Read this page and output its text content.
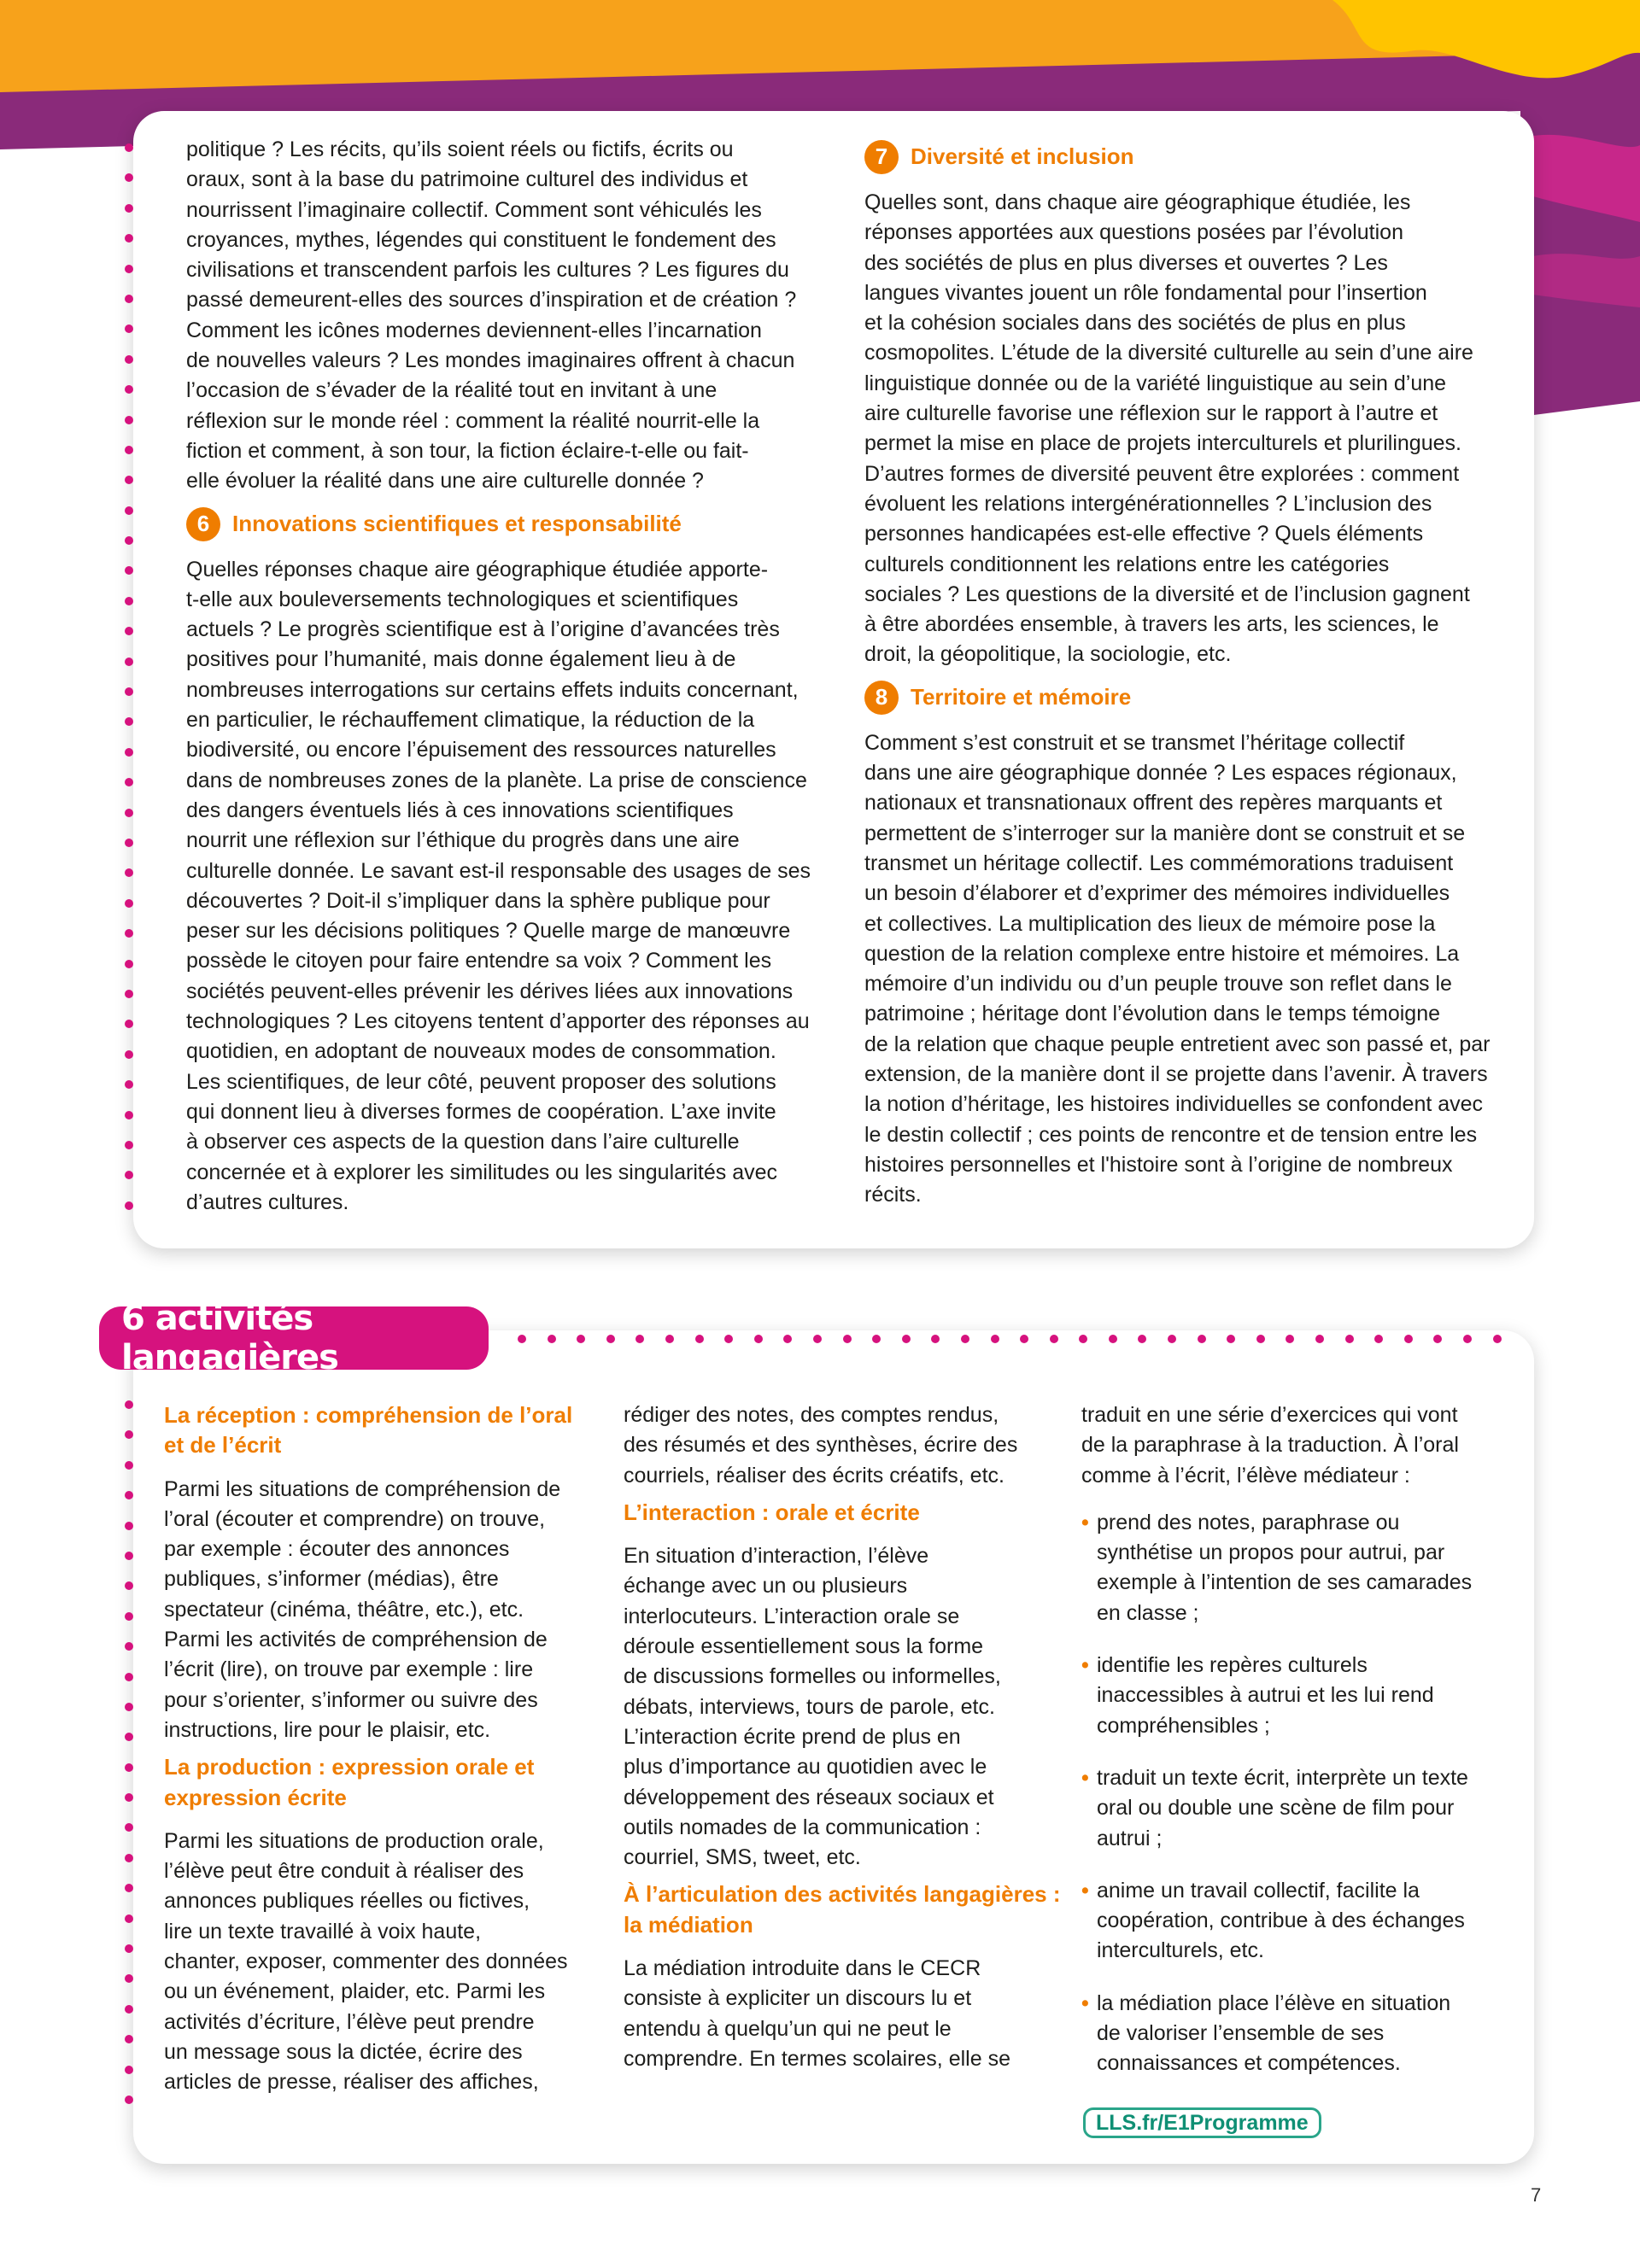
politique ? Les récits, qu’ils soient réels ou fictifs, écrits ou
oraux, sont à la base du patrimoine culturel des individus et
nourrissent l’imaginaire collectif. Comment sont véhiculés les
croyances, mythes, légendes qui constituent le fondement des
civilisations et transcendent parfois les cultures ? Les figures du
passé demeurent-elles des sources d’inspiration et de création ?
Comment les icônes modernes deviennent-elles l’incarnation
de nouvelles valeurs ? Les mondes imaginaires offrent à chacun
l’occasion de s’évader de la réalité tout en invitant à une
réflexion sur le monde réel : comment la réalité nourrit-elle la
fiction et comment, à son tour, la fiction éclaire-t-elle ou fait-
elle évoluer la réalité dans une aire culturelle donnée ?
6	Innovations scientifiques et responsabilité
Quelles réponses chaque aire géographique étudiée apporte-
t-elle aux bouleversements technologiques et scientifiques
actuels ? Le progrès scientifique est à l’origine d’avancées très
positives pour l’humanité, mais donne également lieu à de
nombreuses interrogations sur certains effets induits concernant,
en particulier, le réchauffement climatique, la réduction de la
biodiversité, ou encore l’épuisement des ressources naturelles
dans de nombreuses zones de la planète. La prise de conscience
des dangers éventuels liés à ces innovations scientifiques
nourrit une réflexion sur l’éthique du progrès dans une aire
culturelle donnée. Le savant est-il responsable des usages de ses
découvertes ? Doit-il s’impliquer dans la sphère publique pour
peser sur les décisions politiques ? Quelle marge de manœuvre
possède le citoyen pour faire entendre sa voix ? Comment les
sociétés peuvent-elles prévenir les dérives liées aux innovations
technologiques ? Les citoyens tentent d’apporter des réponses au
quotidien, en adoptant de nouveaux modes de consommation.
Les scientifiques, de leur côté, peuvent proposer des solutions
qui donnent lieu à diverses formes de coopération. L’axe invite
à observer ces aspects de la question dans l’aire culturelle
concernée et à explorer les similitudes ou les singularités avec
d’autres cultures.
7	Diversité et inclusion
Quelles sont, dans chaque aire géographique étudiée, les
réponses apportées aux questions posées par l’évolution
des sociétés de plus en plus diverses et ouvertes ? Les
langues vivantes jouent un rôle fondamental pour l’insertion
et la cohésion sociales dans des sociétés de plus en plus
cosmopolites. L’étude de la diversité culturelle au sein d’une aire
linguistique donnée ou de la variété linguistique au sein d’une
aire culturelle favorise une réflexion sur le rapport à l’autre et
permet la mise en place de projets interculturels et plurilingues.
D’autres formes de diversité peuvent être explorées : comment
évoluent les relations intergénérationnelles ? L’inclusion des
personnes handicapées est-elle effective ? Quels éléments
culturels conditionnent les relations entre les catégories
sociales ? Les questions de la diversité et de l’inclusion gagnent
à être abordées ensemble, à travers les arts, les sciences, le
droit, la géopolitique, la sociologie, etc.
8	Territoire et mémoire
Comment s’est construit et se transmet l’héritage collectif
dans une aire géographique donnée ? Les espaces régionaux,
nationaux et transnationaux offrent des repères marquants et
permettent de s’interroger sur la manière dont se construit et se
transmet un héritage collectif. Les commémorations traduisent
un besoin d’élaborer et d’exprimer des mémoires individuelles
et collectives. La multiplication des lieux de mémoire pose la
question de la relation complexe entre histoire et mémoires. La
mémoire d’un individu ou d’un peuple trouve son reflet dans le
patrimoine ; héritage dont l’évolution dans le temps témoigne
de la relation que chaque peuple entretient avec son passé et, par
extension, de la manière dont il se projette dans l’avenir. À travers
la notion d’héritage, les histoires individuelles se confondent avec
le destin collectif ; ces points de rencontre et de tension entre les
histoires personnelles et l'histoire sont à l’origine de nombreux
récits.
6 activités langagières
La réception : compréhension de l’oral
et de l’écrit
Parmi les situations de compréhension de
l’oral (écouter et comprendre) on trouve,
par exemple : écouter des annonces
publiques, s’informer (médias), être
spectateur (cinéma, théâtre, etc.), etc.
Parmi les activités de compréhension de
l’écrit (lire), on trouve par exemple : lire
pour s’orienter, s’informer ou suivre des
instructions, lire pour le plaisir, etc.
La production : expression orale et
expression écrite
Parmi les situations de production orale,
l’élève peut être conduit à réaliser des
annonces publiques réelles ou fictives,
lire un texte travaillé à voix haute,
chanter, exposer, commenter des données
ou un événement, plaider, etc. Parmi les
activités d’écriture, l’élève peut prendre
un message sous la dictée, écrire des
articles de presse, réaliser des affiches,
rédiger des notes, des comptes rendus,
des résumés et des synthèses, écrire des
courriels, réaliser des écrits créatifs, etc.
L’interaction : orale et écrite
En situation d’interaction, l’élève
échange avec un ou plusieurs
interlocuteurs. L’interaction orale se
déroule essentiellement sous la forme
de discussions formelles ou informelles,
débats, interviews, tours de parole, etc.
L’interaction écrite prend de plus en
plus d’importance au quotidien avec le
développement des réseaux sociaux et
outils nomades de la communication :
courriel, SMS, tweet, etc.
À l’articulation des activités langagières :
la médiation
La médiation introduite dans le CECR
consiste à expliciter un discours lu et
entendu à quelqu’un qui ne peut le
comprendre. En termes scolaires, elle se
traduit en une série d’exercices qui vont
de la paraphrase à la traduction. À l’oral
comme à l’écrit, l’élève médiateur :
• prend des notes, paraphrase ou
synthétise un propos pour autrui, par
exemple à l’intention de ses camarades
en classe ;
• identifie les repères culturels
inaccessibles à autrui et les lui rend
compréhensibles ;
• traduit un texte écrit, interprète un texte
oral ou double une scène de film pour
autrui ;
• anime un travail collectif, facilite la
coopération, contribue à des échanges
interculturels, etc.
• la médiation place l’élève en situation
de valoriser l’ensemble de ses
connaissances et compétences.
LLS.fr/E1Programme
7
